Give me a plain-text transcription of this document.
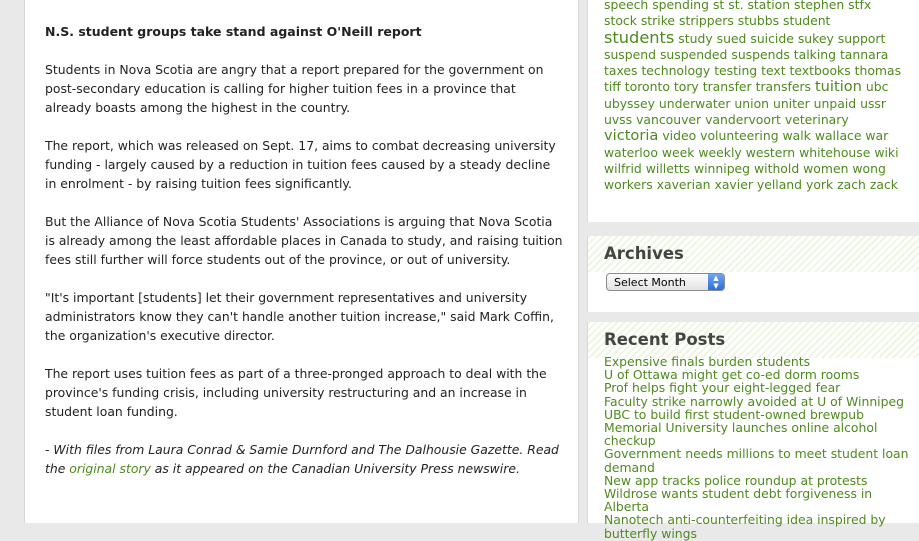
N.S. student groups take stand against O'Neill report
Students in Nova Scotia are angry that a report prepared for the government on post-secondary education is calling for higher tuition fees in a province that already boasts among the highest in the country.
The report, which was released on Sept. 17, aims to combat decreasing university funding - largely caused by a reduction in tuition fees caused by a steady decline in enrolment - by raising tuition fees significantly.
But the Alliance of Nova Scotia Students' Associations is arguing that Nova Scotia is already among the least affordable places in Canada to study, and raising tuition fees still further will force students out of the province, or out of university.
"It's important [students] let their government representatives and university administrators know they can't handle another tuition increase," said Mark Coffin, the organization's executive director.
The report uses tuition fees as part of a three-pronged approach to deal with the province's funding crisis, including university restructuring and an increase in student loan funding.
- With files from Laura Conrad & Samie Durnford and The Dalhousie Gazette. Read the original story as it appeared on the Canadian University Press newswire.
speech spending st st. station stephen stfx stock strike strippers stubbs student students study sued suicide sukey support suspend suspended suspends talking tannara taxes technology testing text textbooks thomas tiff toronto tory transfer transfers tuition ubc ubyssey underwater union uniter unpaid ussr uvss vancouver vandervoort veterinary victoria video volunteering walk wallace war waterloo week weekly western whitehouse wiki wilfrid willetts winnipeg withold women wong workers xaverian xavier yelland york zach zack
Archives
Select Month	▲
▼
Recent Posts
Expensive finals burden students
U of Ottawa might get co-ed dorm rooms
Prof helps fight your eight-legged fear
Faculty strike narrowly avoided at U of Winnipeg
UBC to build first student-owned brewpub
Memorial University launches online alcohol checkup
Government needs millions to meet student loan demand
New app tracks police roundup at protests
Wildrose wants student debt forgiveness in Alberta
Nanotech anti-counterfeiting idea inspired by butterfly wings
